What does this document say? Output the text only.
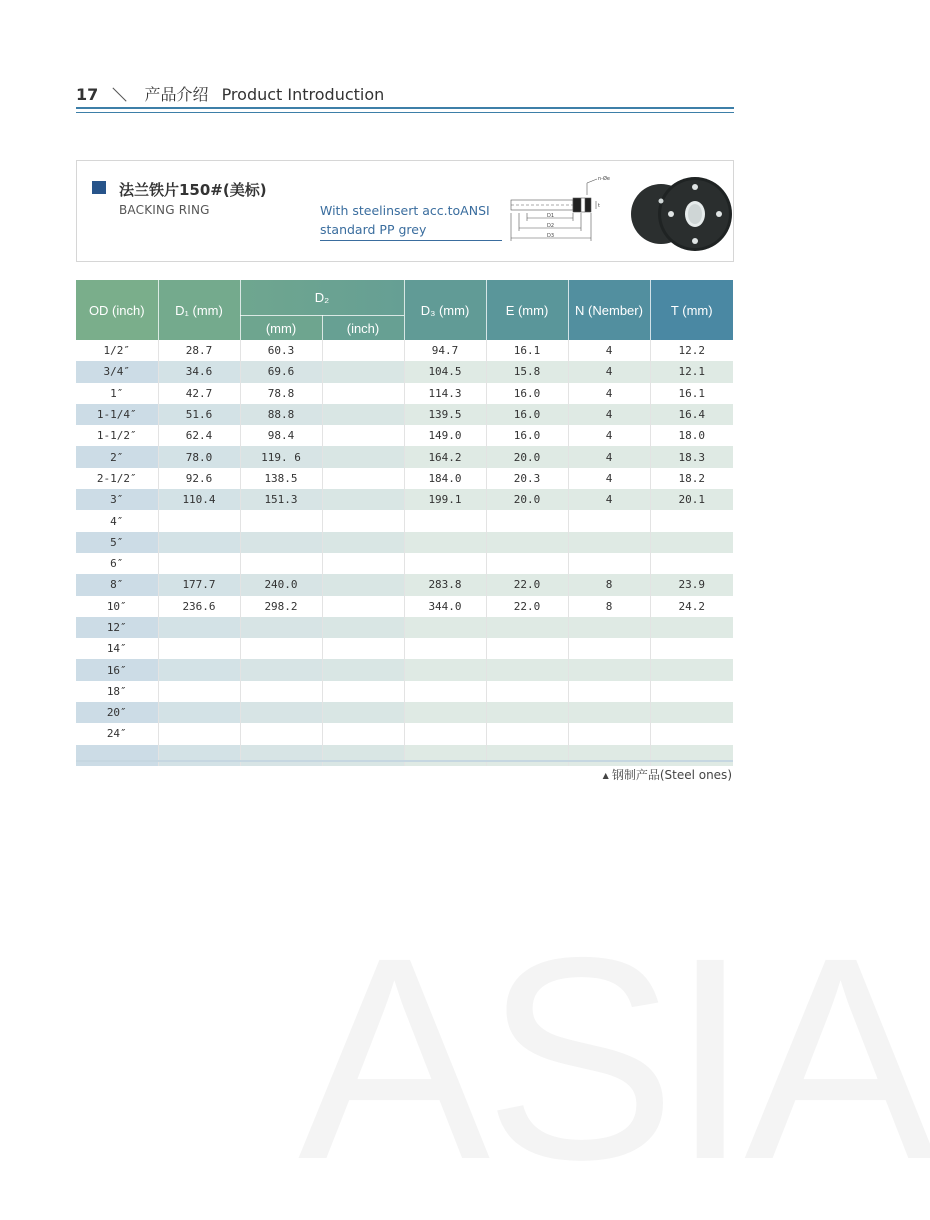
17	产品介绍 Product Introduction
法兰铁片150#(美标)
BACKING RING	With steelinsert acc.toANSI
standard PP grey
n-Øe
t
D1
D2
D3
OD (inch)	D₁ (mm)	D₂		D₃ (mm)	E (mm)	N (Nember)	T (mm)
		(mm)	(inch)				
1/2″	28.7	60.3		94.7	16.1	4	12.2
3/4″	34.6	69.6		104.5	15.8	4	12.1
1″	42.7	78.8		114.3	16.0	4	16.1
1-1/4″	51.6	88.8		139.5	16.0	4	16.4
1-1/2″	62.4	98.4		149.0	16.0	4	18.0
2″	78.0	119. 6		164.2	20.0	4	18.3
2-1/2″	92.6	138.5		184.0	20.3	4	18.2
3″	110.4	151.3		199.1	20.0	4	20.1
4″							
5″							
6″							
8″	177.7	240.0		283.8	22.0	8	23.9
10″	236.6	298.2		344.0	22.0	8	24.2
12″							
14″							
16″							
18″							
20″							
24″							

▲ 钢制产品(Steel ones)
ASIA
